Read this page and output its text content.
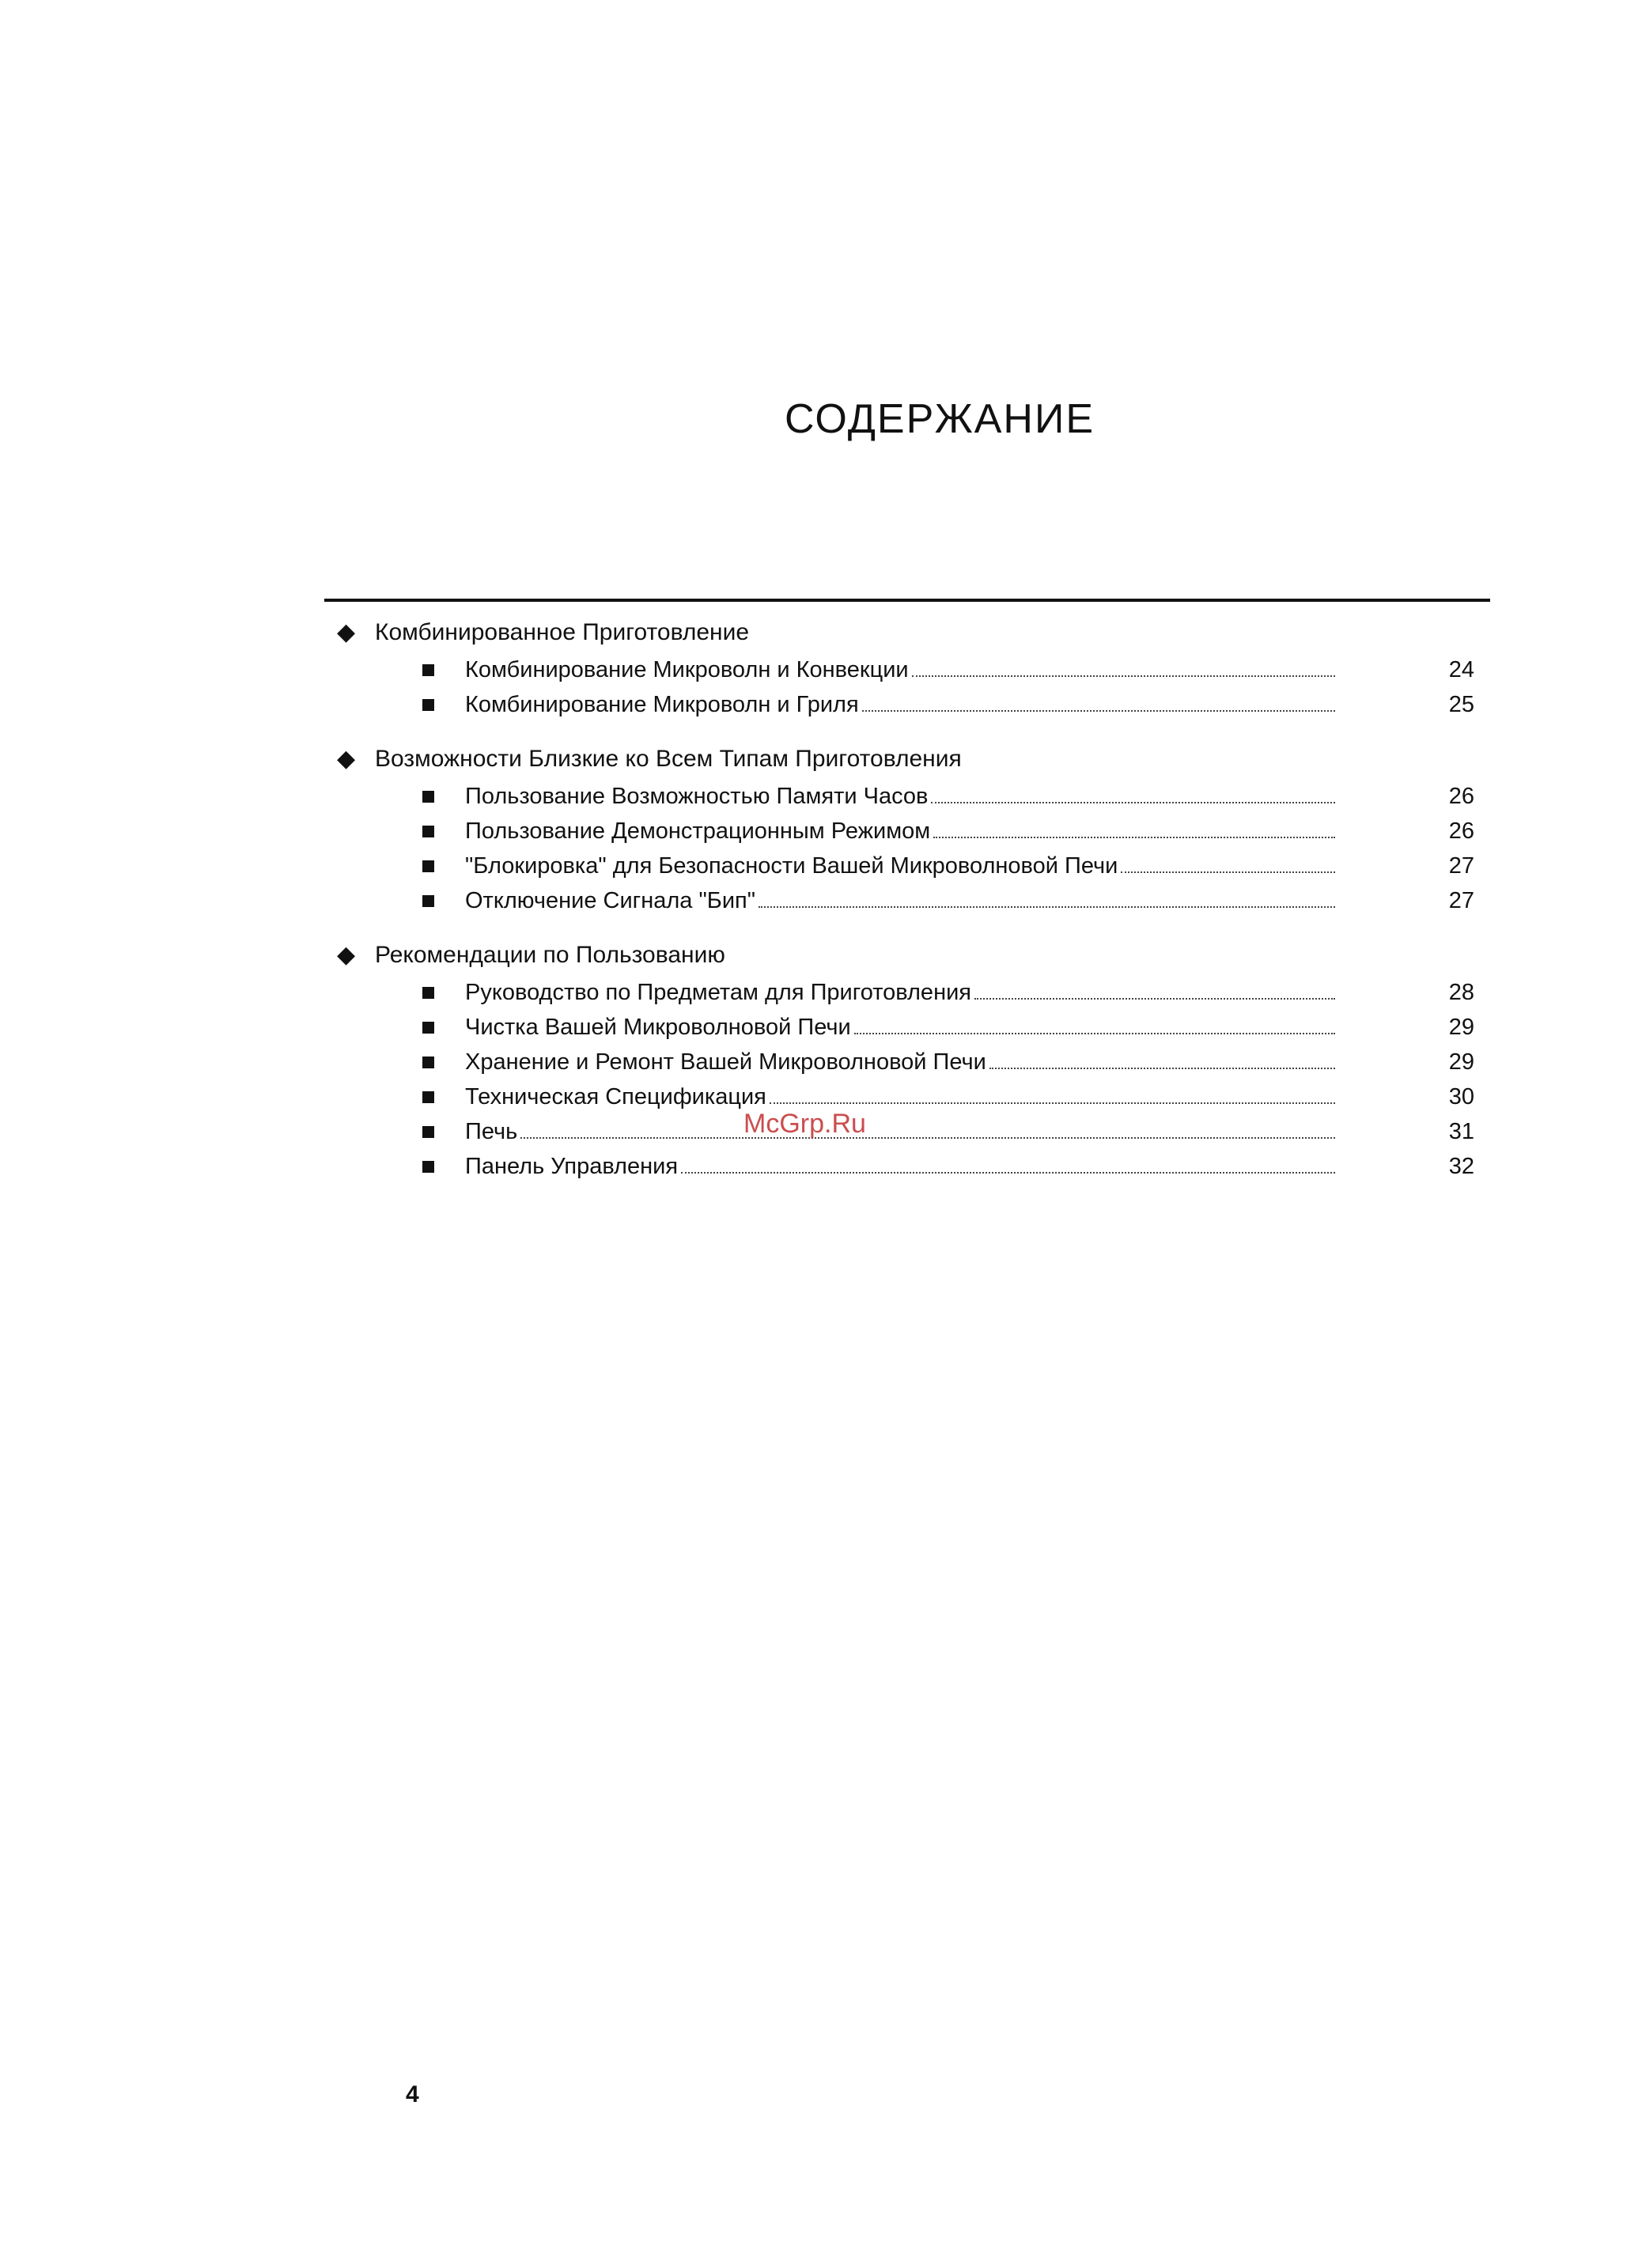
СОДЕРЖАНИЕ
◆ Комбинированное Приготовление
Комбинирование Микроволн и Конвекции	24
Комбинирование Микроволн и Гриля	25
◆ Возможности Близкие ко Всем Типам Приготовления
Пользование Возможностью Памяти Часов	26
Пользование Демонстрационным Режимом	26
"Блокировка" для Безопасности Вашей Микроволновой Печи	27
Отключение Сигнала "Бип"	27
◆ Рекомендации по Пользованию
Руководство по Предметам для Приготовления	28
Чистка Вашей Микроволновой Печи	29
Хранение и Ремонт Вашей Микроволновой Печи	29
Техническая Спецификация	30
Печь	31
Панель Управления	32
McGrp.Ru
4
